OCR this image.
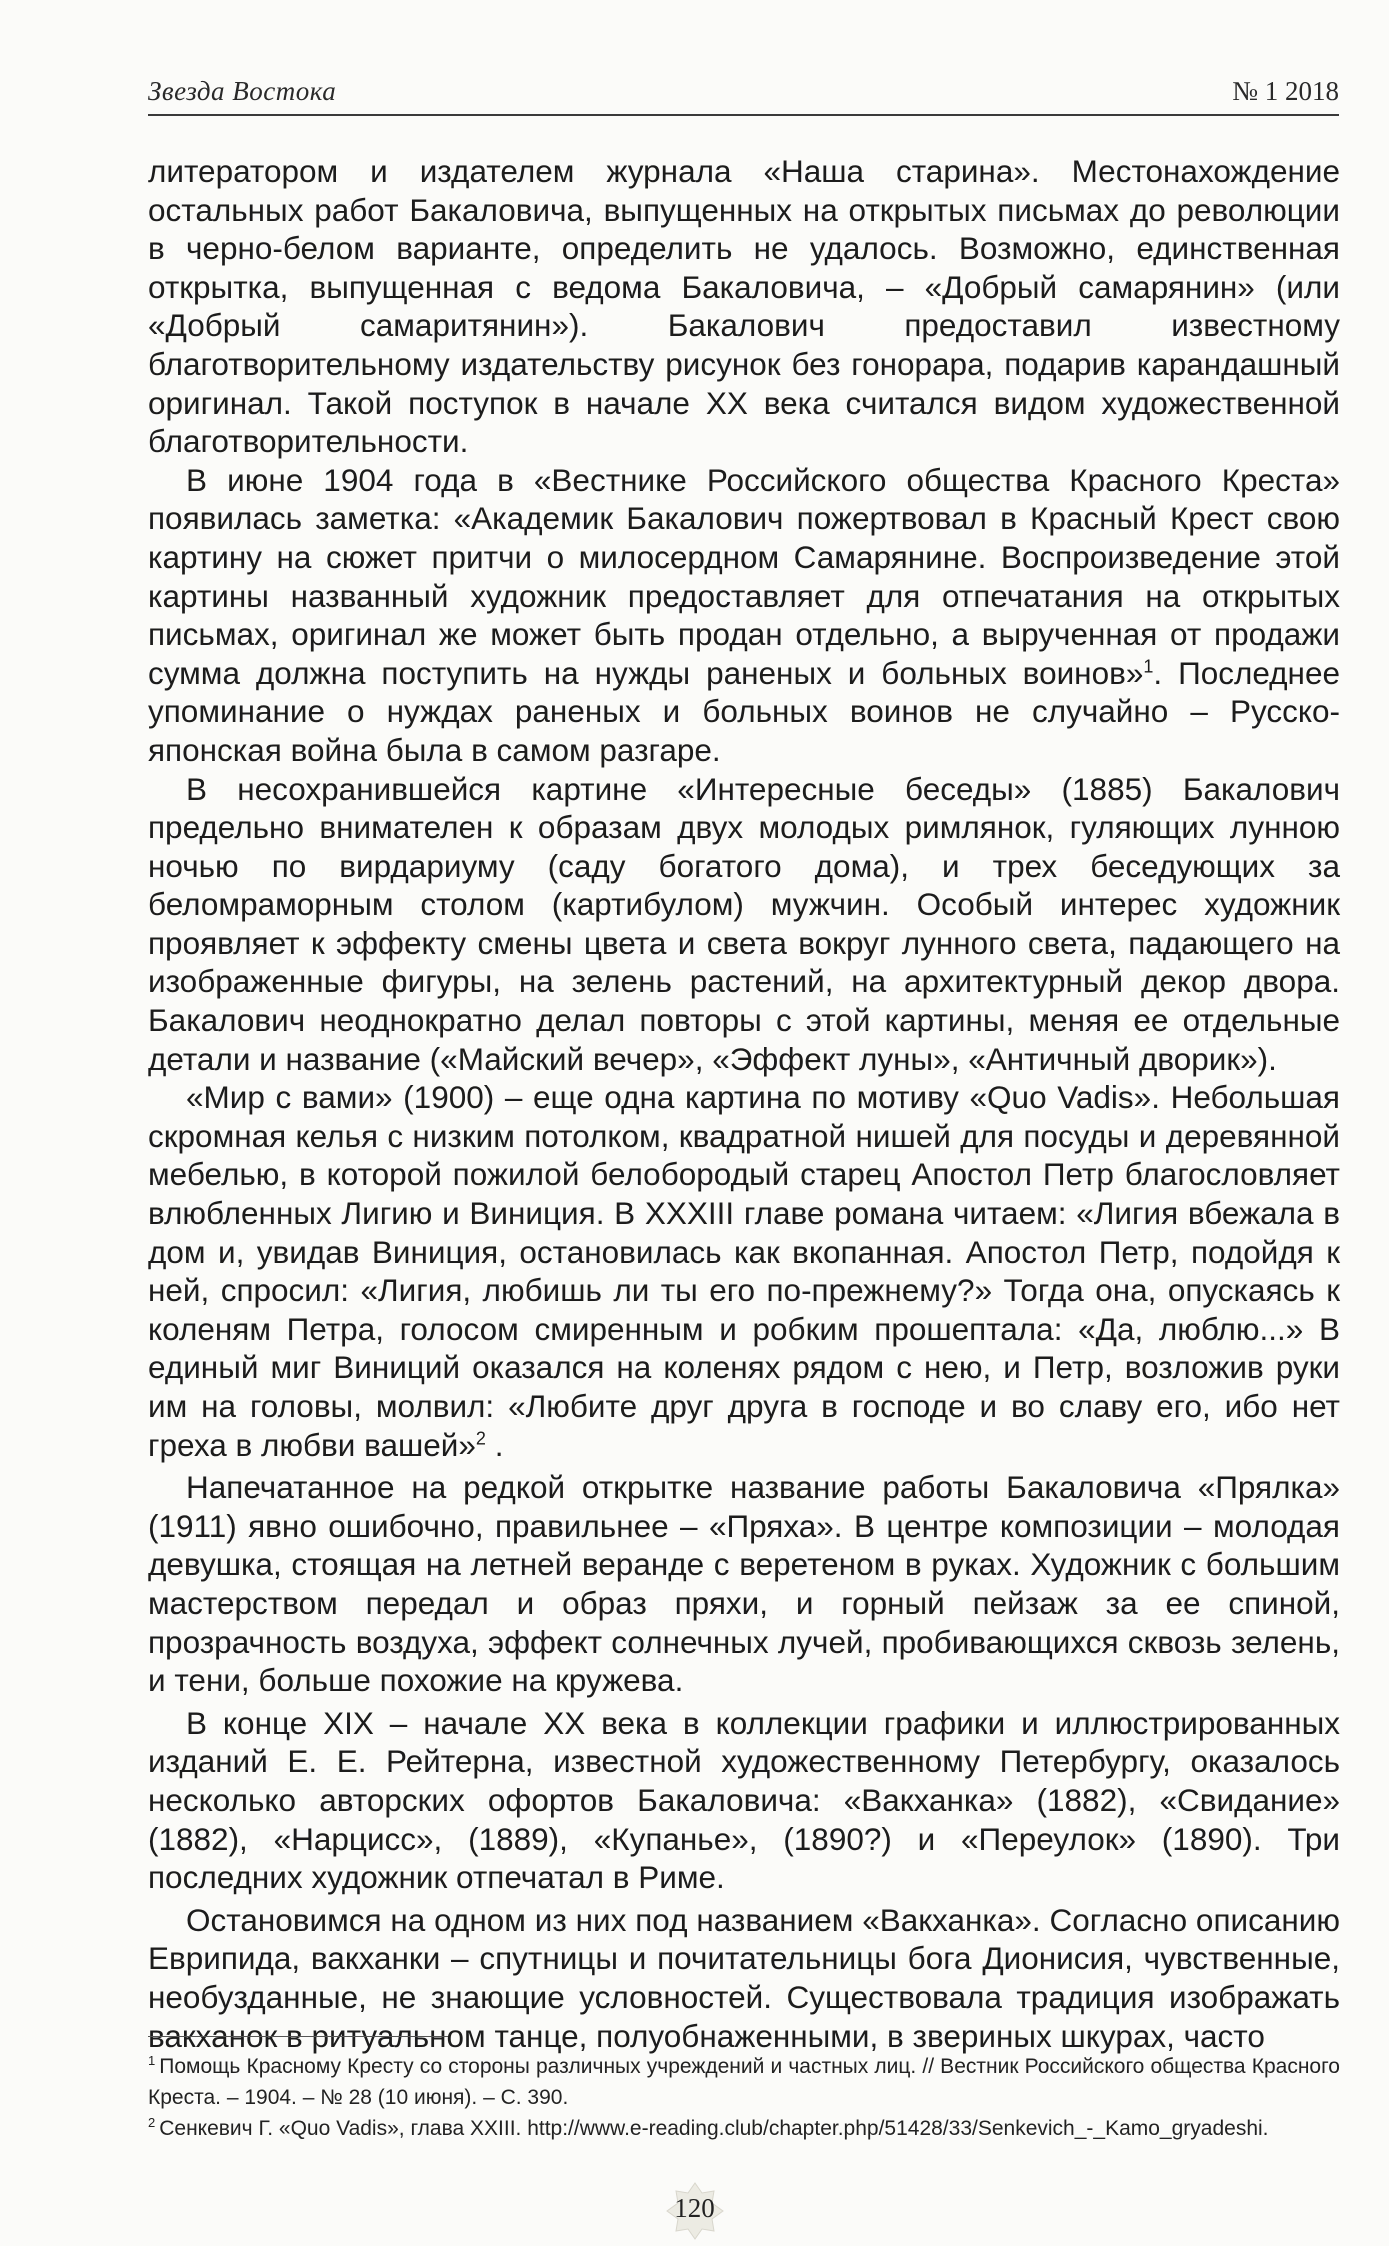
Звезда Востока	№ 1 2018

литератором и издателем журнала «Наша старина». Местонахождение остальных работ Бакаловича, выпущенных на открытых письмах до революции в черно-белом варианте, определить не удалось. Возможно, единственная открытка, выпущенная с ведома Бакаловича, – «Добрый самарянин» (или «Добрый самаритянин»). Бакалович предоставил известному благотворительному издательству рисунок без гонорара, подарив карандашный оригинал. Такой поступок в начале XX века считался видом художественной благотворительности.

В июне 1904 года в «Вестнике Российского общества Красного Креста» появилась заметка: «Академик Бакалович пожертвовал в Красный Крест свою картину на сюжет притчи о милосердном Самарянине. Воспроизведение этой картины названный художник предоставляет для отпечатания на открытых письмах, оригинал же может быть продан отдельно, а вырученная от продажи сумма должна поступить на нужды раненых и больных воинов»$^1$. Последнее упоминание о нуждах раненых и больных воинов не случайно – Русско-японская война была в самом разгаре.

В несохранившейся картине «Интересные беседы» (1885) Бакалович предельно внимателен к образам двух молодых римлянок, гуляющих лунною ночью по вирдариуму (саду богатого дома), и трех беседующих за беломраморным столом (картибулом) мужчин. Особый интерес художник проявляет к эффекту смены цвета и света вокруг лунного света, падающего на изображенные фигуры, на зелень растений, на архитектурный декор двора. Бакалович неоднократно делал повторы с этой картины, меняя ее отдельные детали и название («Майский вечер», «Эффект луны», «Античный дворик»).

«Мир с вами» (1900) – еще одна картина по мотиву «Quo Vadis». Небольшая скромная келья с низким потолком, квадратной нишей для посуды и деревянной мебелью, в которой пожилой белобородый старец Апостол Петр благословляет влюбленных Лигию и Виниция. В XXXIII главе романа читаем: «Лигия вбежала в дом и, увидав Виниция, остановилась как вкопанная. Апостол Петр, подойдя к ней, спросил: «Лигия, любишь ли ты его по-прежнему?» Тогда она, опускаясь к коленям Петра, голосом смиренным и робким прошептала: «Да, люблю...» В единый миг Виниций оказался на коленях рядом с нею, и Петр, возложив руки им на головы, молвил: «Любите друг друга в господе и во славу его, ибо нет греха в любви вашей»$^2$ .

Напечатанное на редкой открытке название работы Бакаловича «Прялка» (1911) явно ошибочно, правильнее – «Пряха». В центре композиции – молодая девушка, стоящая на летней веранде с веретеном в руках. Художник с большим мастерством передал и образ пряхи, и горный пейзаж за ее спиной, прозрачность воздуха, эффект солнечных лучей, пробивающихся сквозь зелень, и тени, больше похожие на кружева.

В конце XIX – начале XX века в коллекции графики и иллюстрированных изданий Е. Е. Рейтерна, известной художественному Петербургу, оказалось несколько авторских офортов Бакаловича: «Вакханка» (1882), «Свидание» (1882), «Нарцисс», (1889), «Купанье», (1890?) и «Переулок» (1890). Три последних художник отпечатал в Риме.

Остановимся на одном из них под названием «Вакханка». Согласно описанию Еврипида, вакханки – спутницы и почитательницы бога Дионисия, чувственные, необузданные, не знающие условностей. Существовала традиция изображать вакханок в ритуальном танце, полуобнаженными, в звериных шкурах, часто

$^1$ Помощь Красному Кресту со стороны различных учреждений и частных лиц. // Вестник Российского общества Красного Креста. – 1904. – № 28 (10 июня). – С. 390.

$^2$ Сенкевич Г. «Quo Vadis», глава XXIII. http://www.e-reading.club/chapter.php/51428/33/Senkevich_-_Kamo_gryadeshi.

120
